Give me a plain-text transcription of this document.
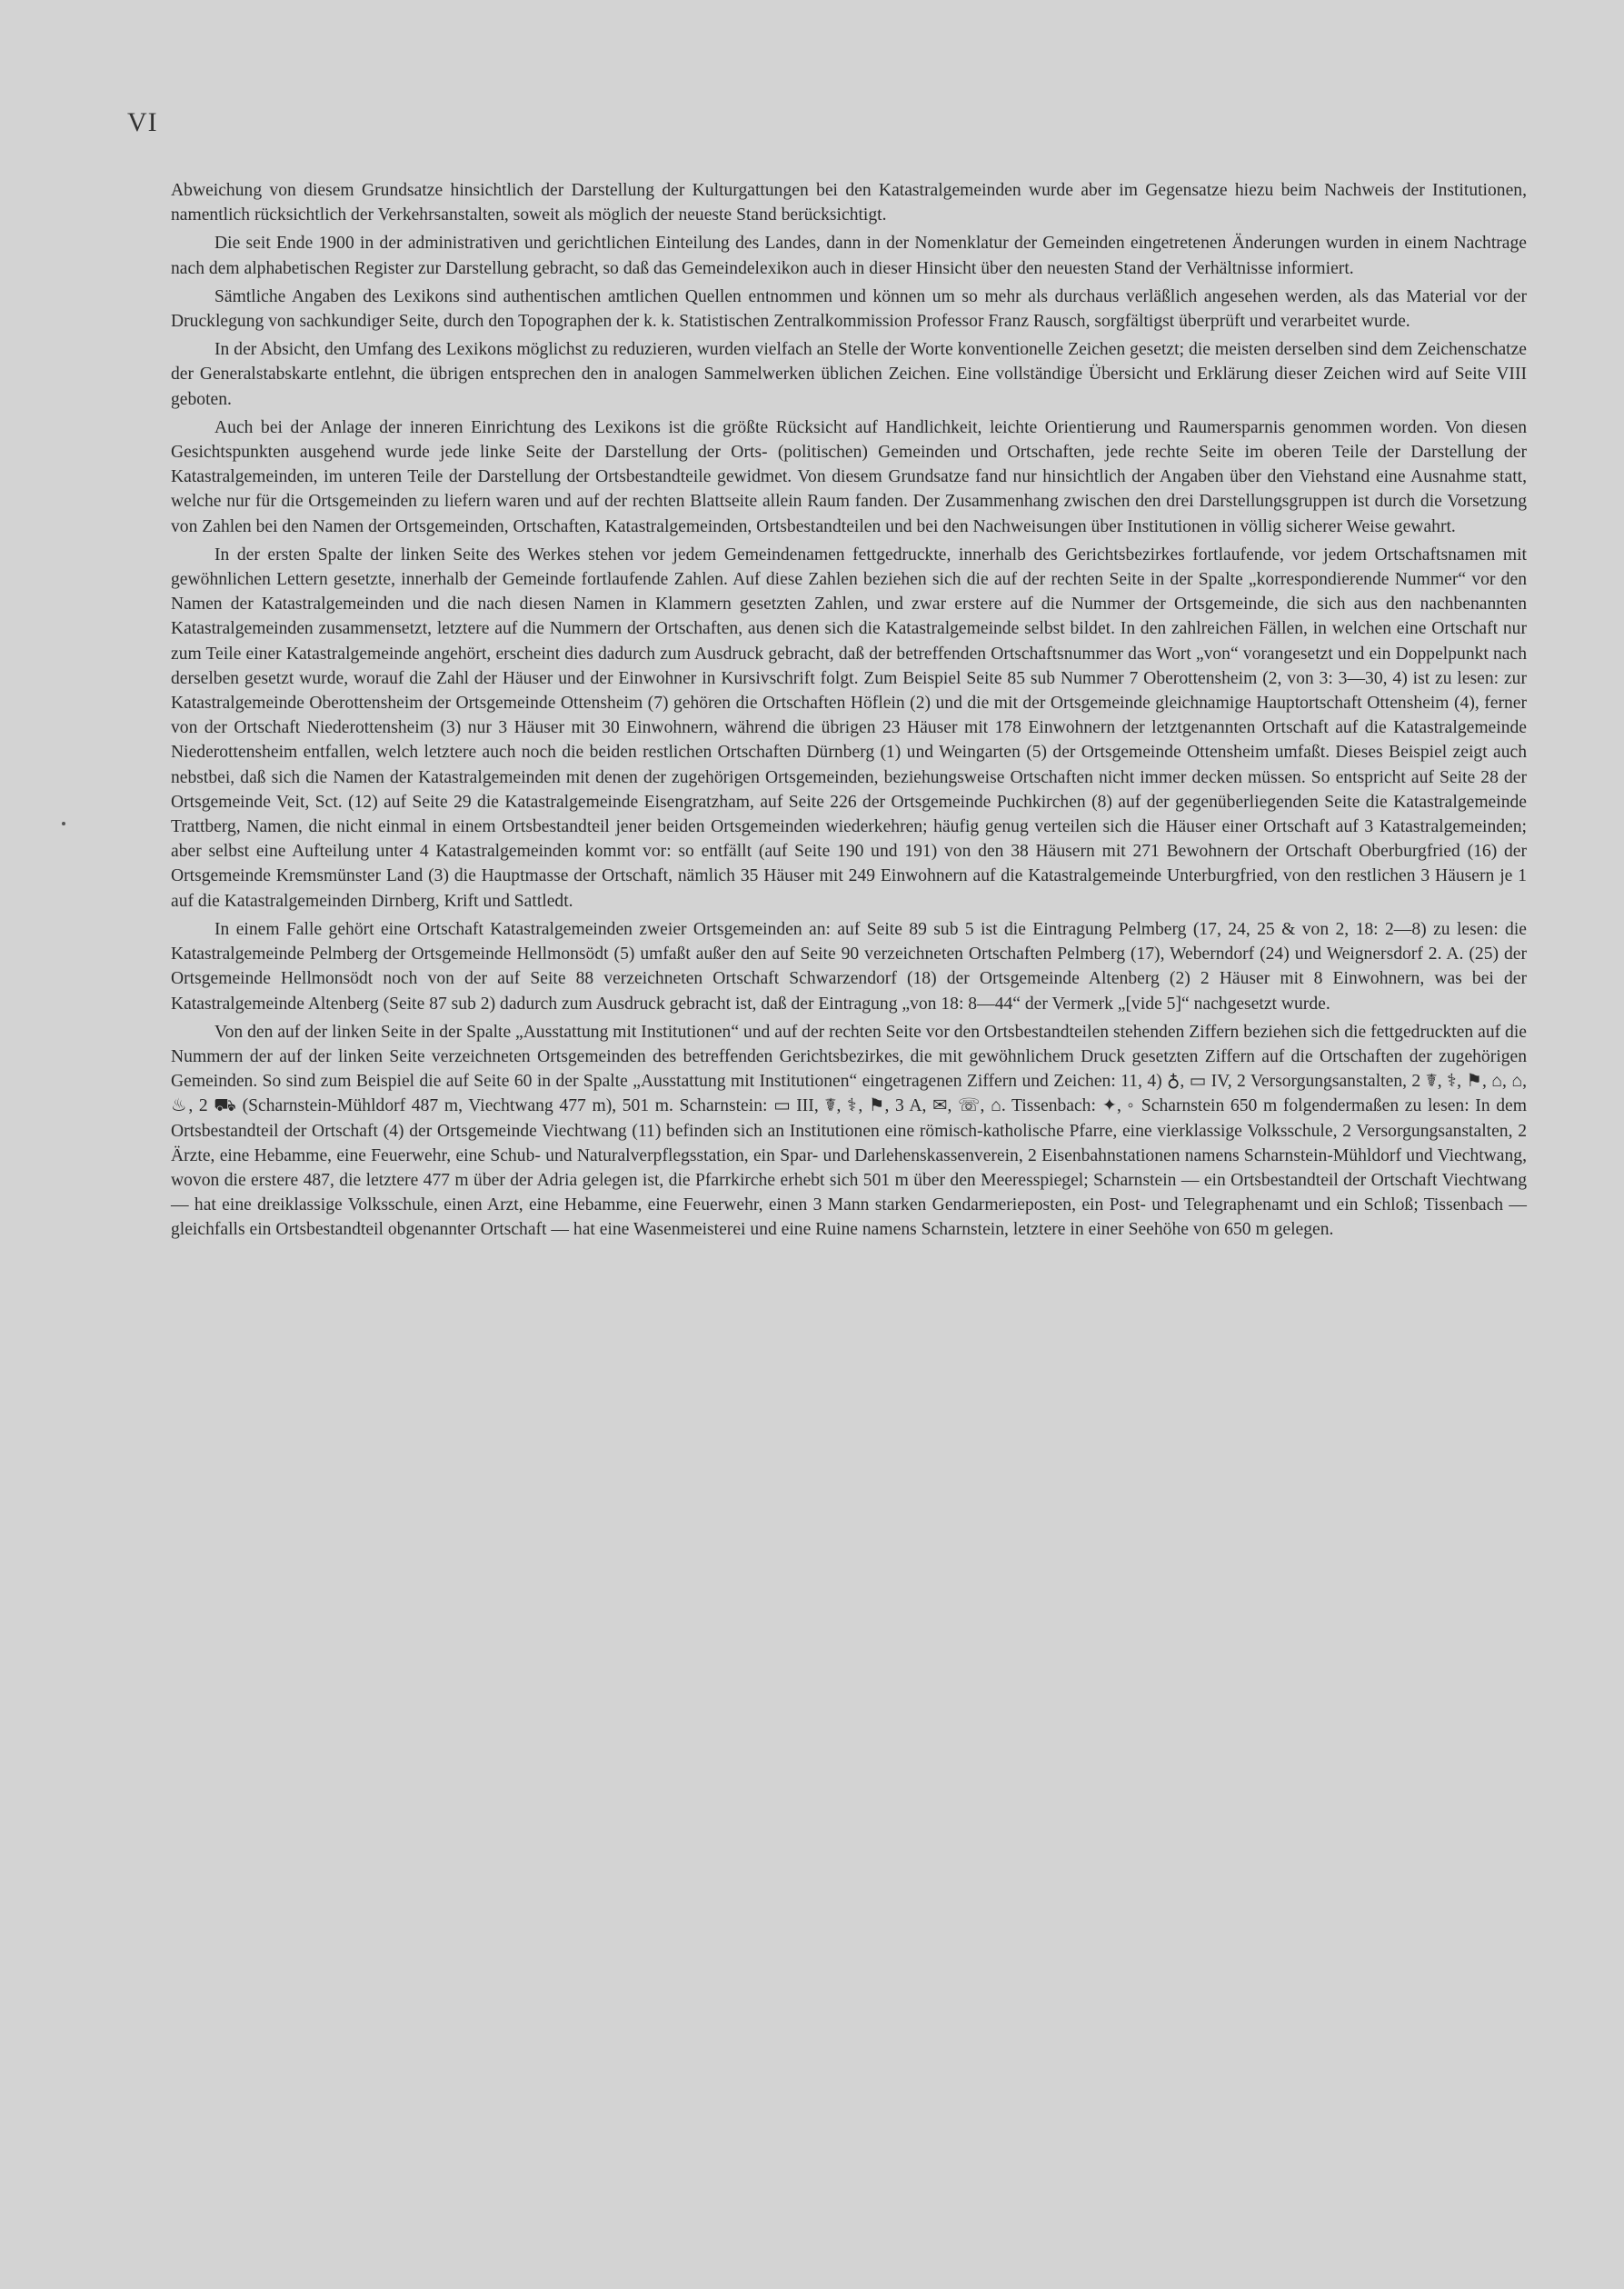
VI

Abweichung von diesem Grundsatze hinsichtlich der Darstellung der Kulturgattungen bei den Katastralgemeinden wurde aber im Gegensatze hiezu beim Nachweis der Institutionen, namentlich rücksichtlich der Verkehrsanstalten, soweit als möglich der neueste Stand berücksichtigt.

Die seit Ende 1900 in der administrativen und gerichtlichen Einteilung des Landes, dann in der Nomenklatur der Gemeinden eingetretenen Änderungen wurden in einem Nachtrage nach dem alphabetischen Register zur Darstellung gebracht, so daß das Gemeindelexikon auch in dieser Hinsicht über den neuesten Stand der Verhältnisse informiert.

Sämtliche Angaben des Lexikons sind authentischen amtlichen Quellen entnommen und können um so mehr als durchaus verläßlich angesehen werden, als das Material vor der Drucklegung von sachkundiger Seite, durch den Topographen der k. k. Statistischen Zentralkommission Professor Franz Rausch, sorgfältigst überprüft und verarbeitet wurde.

In der Absicht, den Umfang des Lexikons möglichst zu reduzieren, wurden vielfach an Stelle der Worte konventionelle Zeichen gesetzt; die meisten derselben sind dem Zeichenschatze der Generalstabskarte entlehnt, die übrigen entsprechen den in analogen Sammelwerken üblichen Zeichen. Eine vollständige Übersicht und Erklärung dieser Zeichen wird auf Seite VIII geboten.

Auch bei der Anlage der inneren Einrichtung des Lexikons ist die größte Rücksicht auf Handlichkeit, leichte Orientierung und Raumersparnis genommen worden. Von diesen Gesichtspunkten ausgehend wurde jede linke Seite der Darstellung der Orts- (politischen) Gemeinden und Ortschaften, jede rechte Seite im oberen Teile der Darstellung der Katastralgemeinden, im unteren Teile der Darstellung der Ortsbestandteile gewidmet. Von diesem Grundsatze fand nur hinsichtlich der Angaben über den Viehstand eine Ausnahme statt, welche nur für die Ortsgemeinden zu liefern waren und auf der rechten Blattseite allein Raum fanden. Der Zusammenhang zwischen den drei Darstellungsgruppen ist durch die Vorsetzung von Zahlen bei den Namen der Ortsgemeinden, Ortschaften, Katastralgemeinden, Ortsbestandteilen und bei den Nachweisungen über Institutionen in völlig sicherer Weise gewahrt.

In der ersten Spalte der linken Seite des Werkes stehen vor jedem Gemeindenamen fettgedruckte, innerhalb des Gerichtsbezirkes fortlaufende, vor jedem Ortschaftsnamen mit gewöhnlichen Lettern gesetzte, innerhalb der Gemeinde fortlaufende Zahlen. Auf diese Zahlen beziehen sich die auf der rechten Seite in der Spalte „korrespondierende Nummer“ vor den Namen der Katastralgemeinden und die nach diesen Namen in Klammern gesetzten Zahlen, und zwar erstere auf die Nummer der Ortsgemeinde, die sich aus den nachbenannten Katastralgemeinden zusammensetzt, letztere auf die Nummern der Ortschaften, aus denen sich die Katastralgemeinde selbst bildet. In den zahlreichen Fällen, in welchen eine Ortschaft nur zum Teile einer Katastralgemeinde angehört, erscheint dies dadurch zum Ausdruck gebracht, daß der betreffenden Ortschaftsnummer das Wort „von“ vorangesetzt und ein Doppelpunkt nach derselben gesetzt wurde, worauf die Zahl der Häuser und der Einwohner in Kursivschrift folgt. Zum Beispiel Seite 85 sub Nummer 7 Oberottensheim (2, von 3: 3—30, 4) ist zu lesen: zur Katastralgemeinde Oberottensheim der Ortsgemeinde Ottensheim (7) gehören die Ortschaften Höflein (2) und die mit der Ortsgemeinde gleichnamige Hauptortschaft Ottensheim (4), ferner von der Ortschaft Niederottensheim (3) nur 3 Häuser mit 30 Einwohnern, während die übrigen 23 Häuser mit 178 Einwohnern der letztgenannten Ortschaft auf die Katastralgemeinde Niederottensheim entfallen, welch letztere auch noch die beiden restlichen Ortschaften Dürnberg (1) und Weingarten (5) der Ortsgemeinde Ottensheim umfaßt. Dieses Beispiel zeigt auch nebstbei, daß sich die Namen der Katastralgemeinden mit denen der zugehörigen Ortsgemeinden, beziehungsweise Ortschaften nicht immer decken müssen. So entspricht auf Seite 28 der Ortsgemeinde Veit, Sct. (12) auf Seite 29 die Katastralgemeinde Eisengratzham, auf Seite 226 der Ortsgemeinde Puchkirchen (8) auf der gegenüberliegenden Seite die Katastralgemeinde Trattberg, Namen, die nicht einmal in einem Ortsbestandteil jener beiden Ortsgemeinden wiederkehren; häufig genug verteilen sich die Häuser einer Ortschaft auf 3 Katastralgemeinden; aber selbst eine Aufteilung unter 4 Katastralgemeinden kommt vor: so entfällt (auf Seite 190 und 191) von den 38 Häusern mit 271 Bewohnern der Ortschaft Oberburgfried (16) der Ortsgemeinde Kremsmünster Land (3) die Hauptmasse der Ortschaft, nämlich 35 Häuser mit 249 Einwohnern auf die Katastralgemeinde Unterburgfried, von den restlichen 3 Häusern je 1 auf die Katastralgemeinden Dirnberg, Krift und Sattledt.

In einem Falle gehört eine Ortschaft Katastralgemeinden zweier Ortsgemeinden an: auf Seite 89 sub 5 ist die Eintragung Pelmberg (17, 24, 25 & von 2, 18: 2—8) zu lesen: die Katastralgemeinde Pelmberg der Ortsgemeinde Hellmonsödt (5) umfaßt außer den auf Seite 90 verzeichneten Ortschaften Pelmberg (17), Weberndorf (24) und Weignersdorf 2. A. (25) der Ortsgemeinde Hellmonsödt noch von der auf Seite 88 verzeichneten Ortschaft Schwarzendorf (18) der Ortsgemeinde Altenberg (2) 2 Häuser mit 8 Einwohnern, was bei der Katastralgemeinde Altenberg (Seite 87 sub 2) dadurch zum Ausdruck gebracht ist, daß der Eintragung „von 18: 8—44“ der Vermerk „[vide 5]“ nachgesetzt wurde.

Von den auf der linken Seite in der Spalte „Ausstattung mit Institutionen“ und auf der rechten Seite vor den Ortsbestandteilen stehenden Ziffern beziehen sich die fettgedruckten auf die Nummern der auf der linken Seite verzeichneten Ortsgemeinden des betreffenden Gerichtsbezirkes, die mit gewöhnlichem Druck gesetzten Ziffern auf die Ortschaften der zugehörigen Gemeinden. So sind zum Beispiel die auf Seite 60 in der Spalte „Ausstattung mit Institutionen“ eingetragenen Ziffern und Zeichen: 11, 4) ♁, ▭ IV, 2 Versorgungsanstalten, 2 ☤, ⚕, ⚑, ⌂, ⌂, ♨, 2 ⛟ (Scharnstein-Mühldorf 487 m, Viechtwang 477 m), 501 m. Scharnstein: ▭ III, ☤, ⚕, ⚑, 3 A, ✉, ☏, ⌂. Tissenbach: ✦, ◦ Scharnstein 650 m folgendermaßen zu lesen: In dem Ortsbestandteil der Ortschaft (4) der Ortsgemeinde Viechtwang (11) befinden sich an Institutionen eine römisch-katholische Pfarre, eine vierklassige Volksschule, 2 Versorgungsanstalten, 2 Ärzte, eine Hebamme, eine Feuerwehr, eine Schub- und Naturalverpflegsstation, ein Spar- und Darlehenskassenverein, 2 Eisenbahnstationen namens Scharnstein-Mühldorf und Viechtwang, wovon die erstere 487, die letztere 477 m über der Adria gelegen ist, die Pfarrkirche erhebt sich 501 m über den Meeresspiegel; Scharnstein — ein Ortsbestandteil der Ortschaft Viechtwang — hat eine dreiklassige Volksschule, einen Arzt, eine Hebamme, eine Feuerwehr, einen 3 Mann starken Gendarmerieposten, ein Post- und Telegraphenamt und ein Schloß; Tissenbach — gleichfalls ein Ortsbestandteil obgenannter Ortschaft — hat eine Wasenmeisterei und eine Ruine namens Scharnstein, letztere in einer Seehöhe von 650 m gelegen.
